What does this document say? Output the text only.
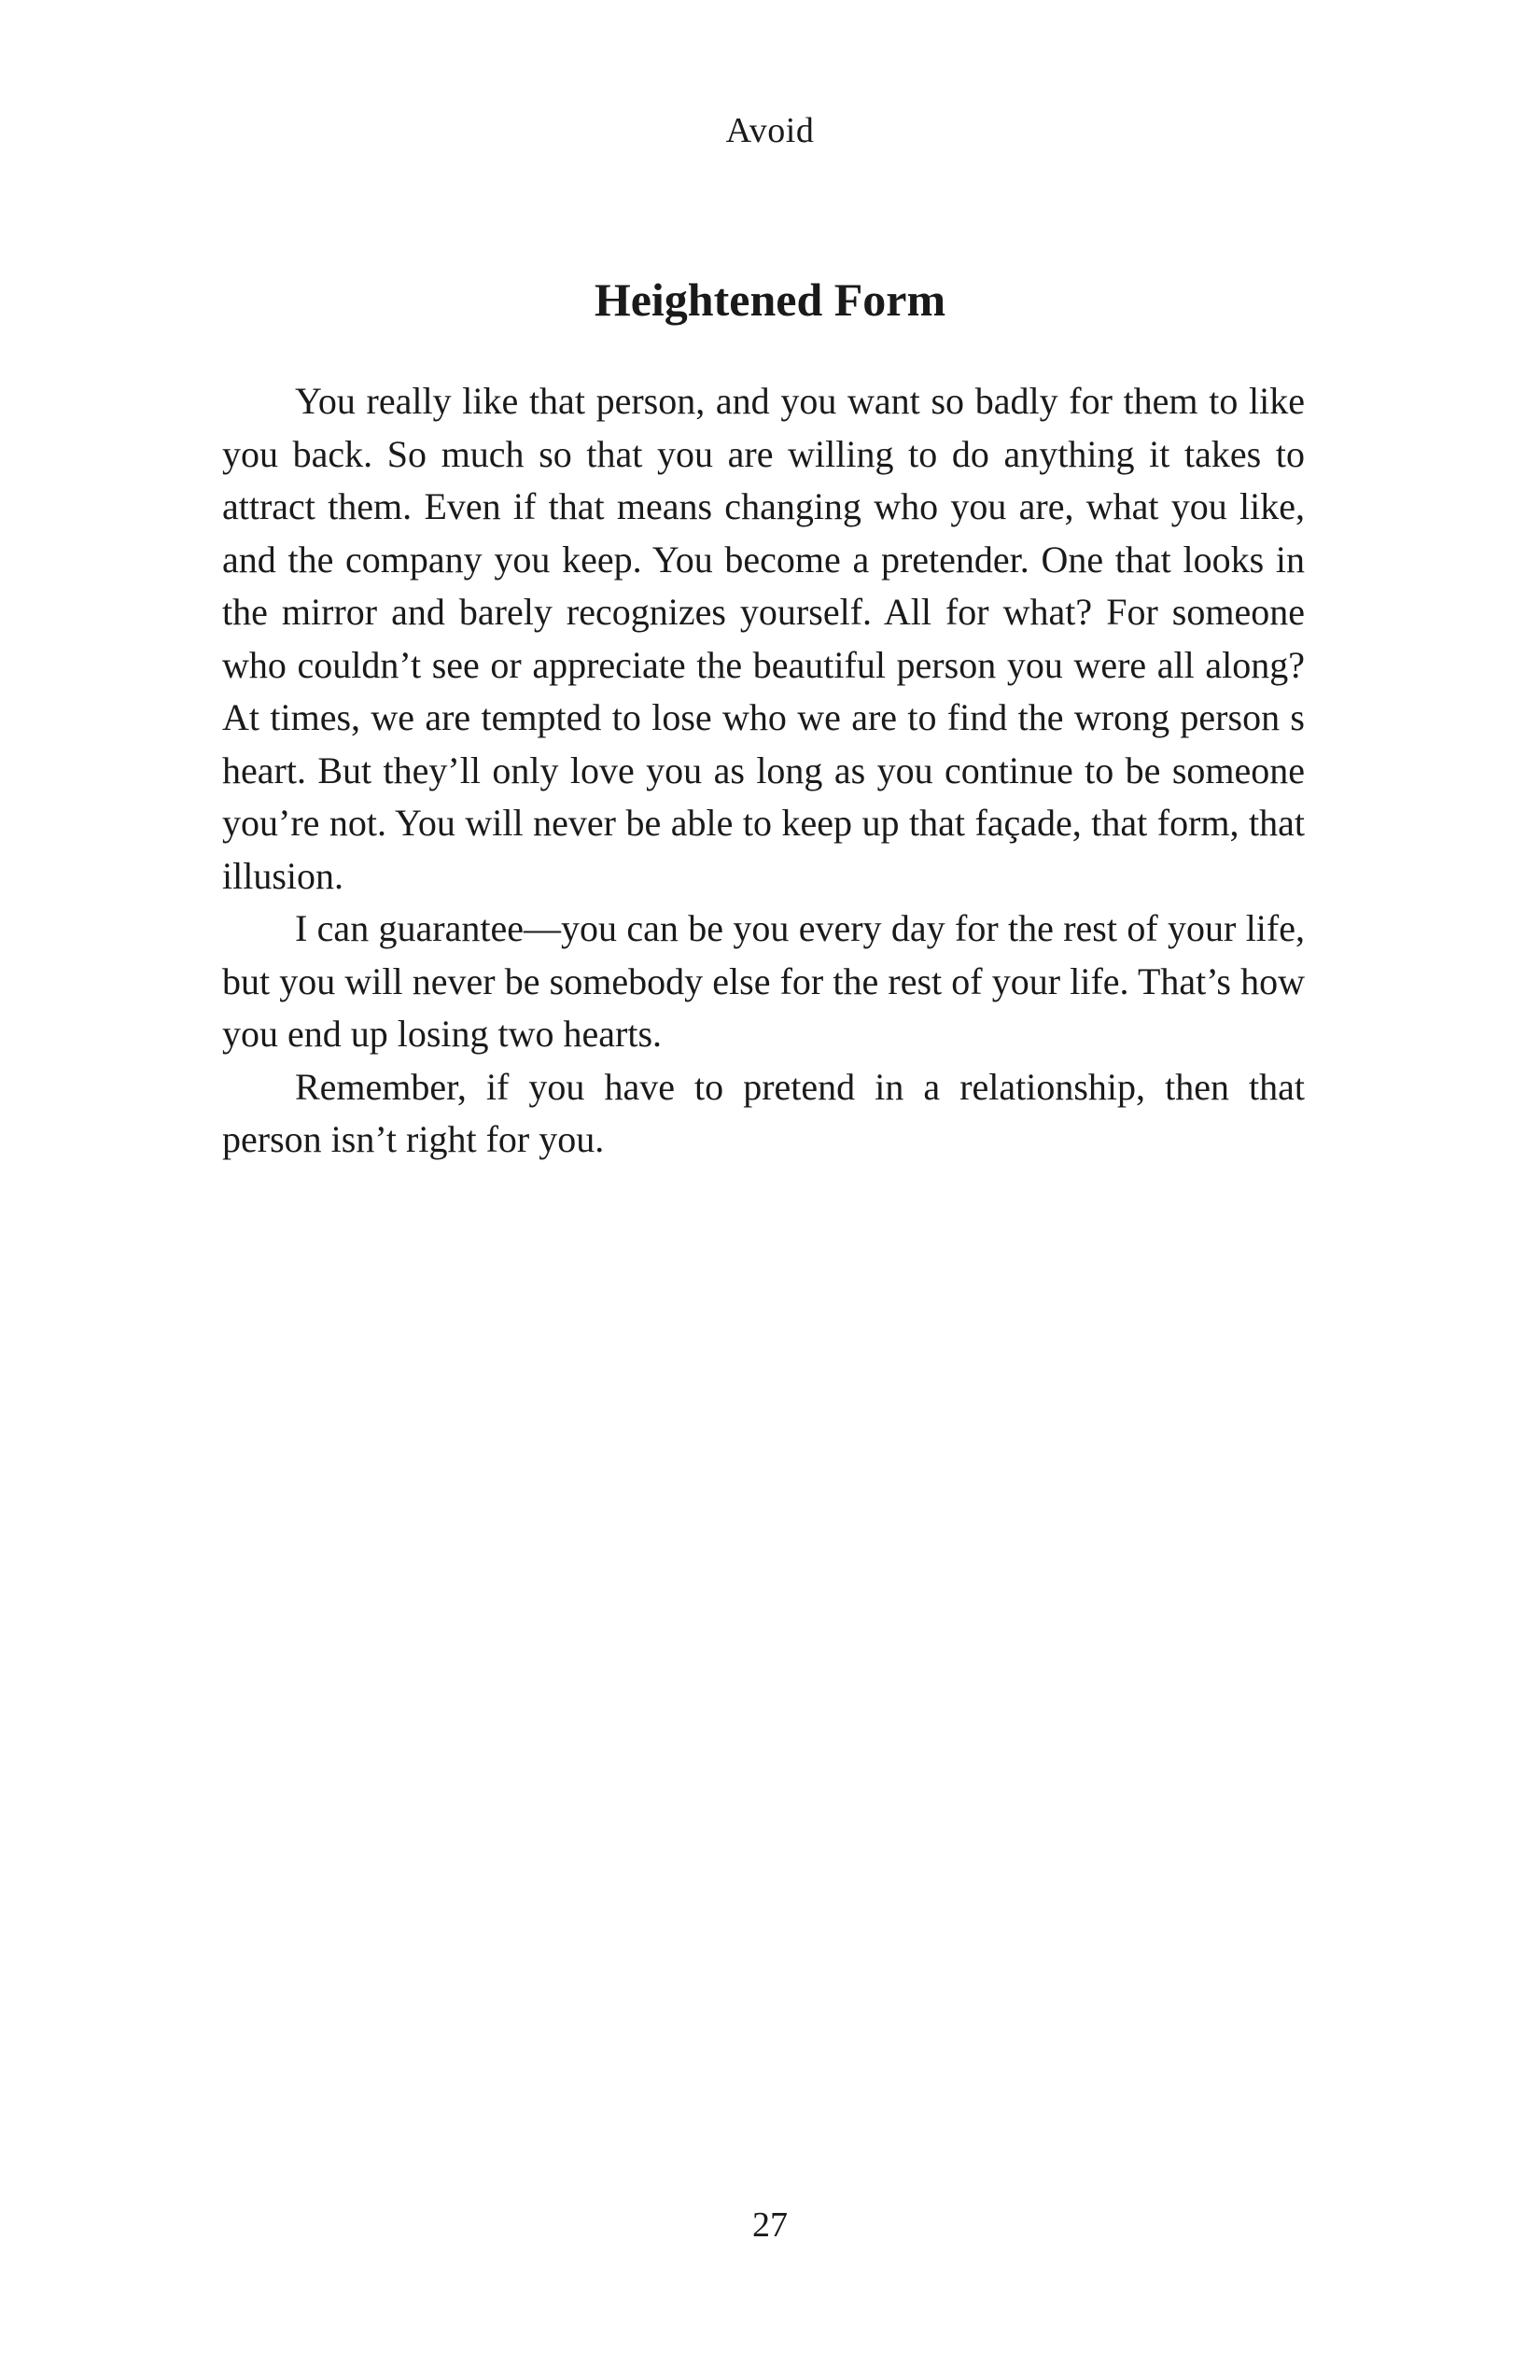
Avoid
Heightened Form

You really like that person, and you want so badly for them to like you back. So much so that you are willing to do anything it takes to attract them. Even if that means changing who you are, what you like, and the company you keep. You become a pretender. One that looks in the mirror and barely recognizes yourself. All for what? For someone who couldn’t see or appreciate the beautiful person you were all along? At times, we are tempted to lose who we are to find the wrong person s heart. But they’ll only love you as long as you continue to be someone you’re not. You will never be able to keep up that façade, that form, that illusion.

I can guarantee—you can be you every day for the rest of your life, but you will never be somebody else for the rest of your life. That’s how you end up losing two hearts.

Remember, if you have to pretend in a relationship, then that person isn’t right for you.

27
